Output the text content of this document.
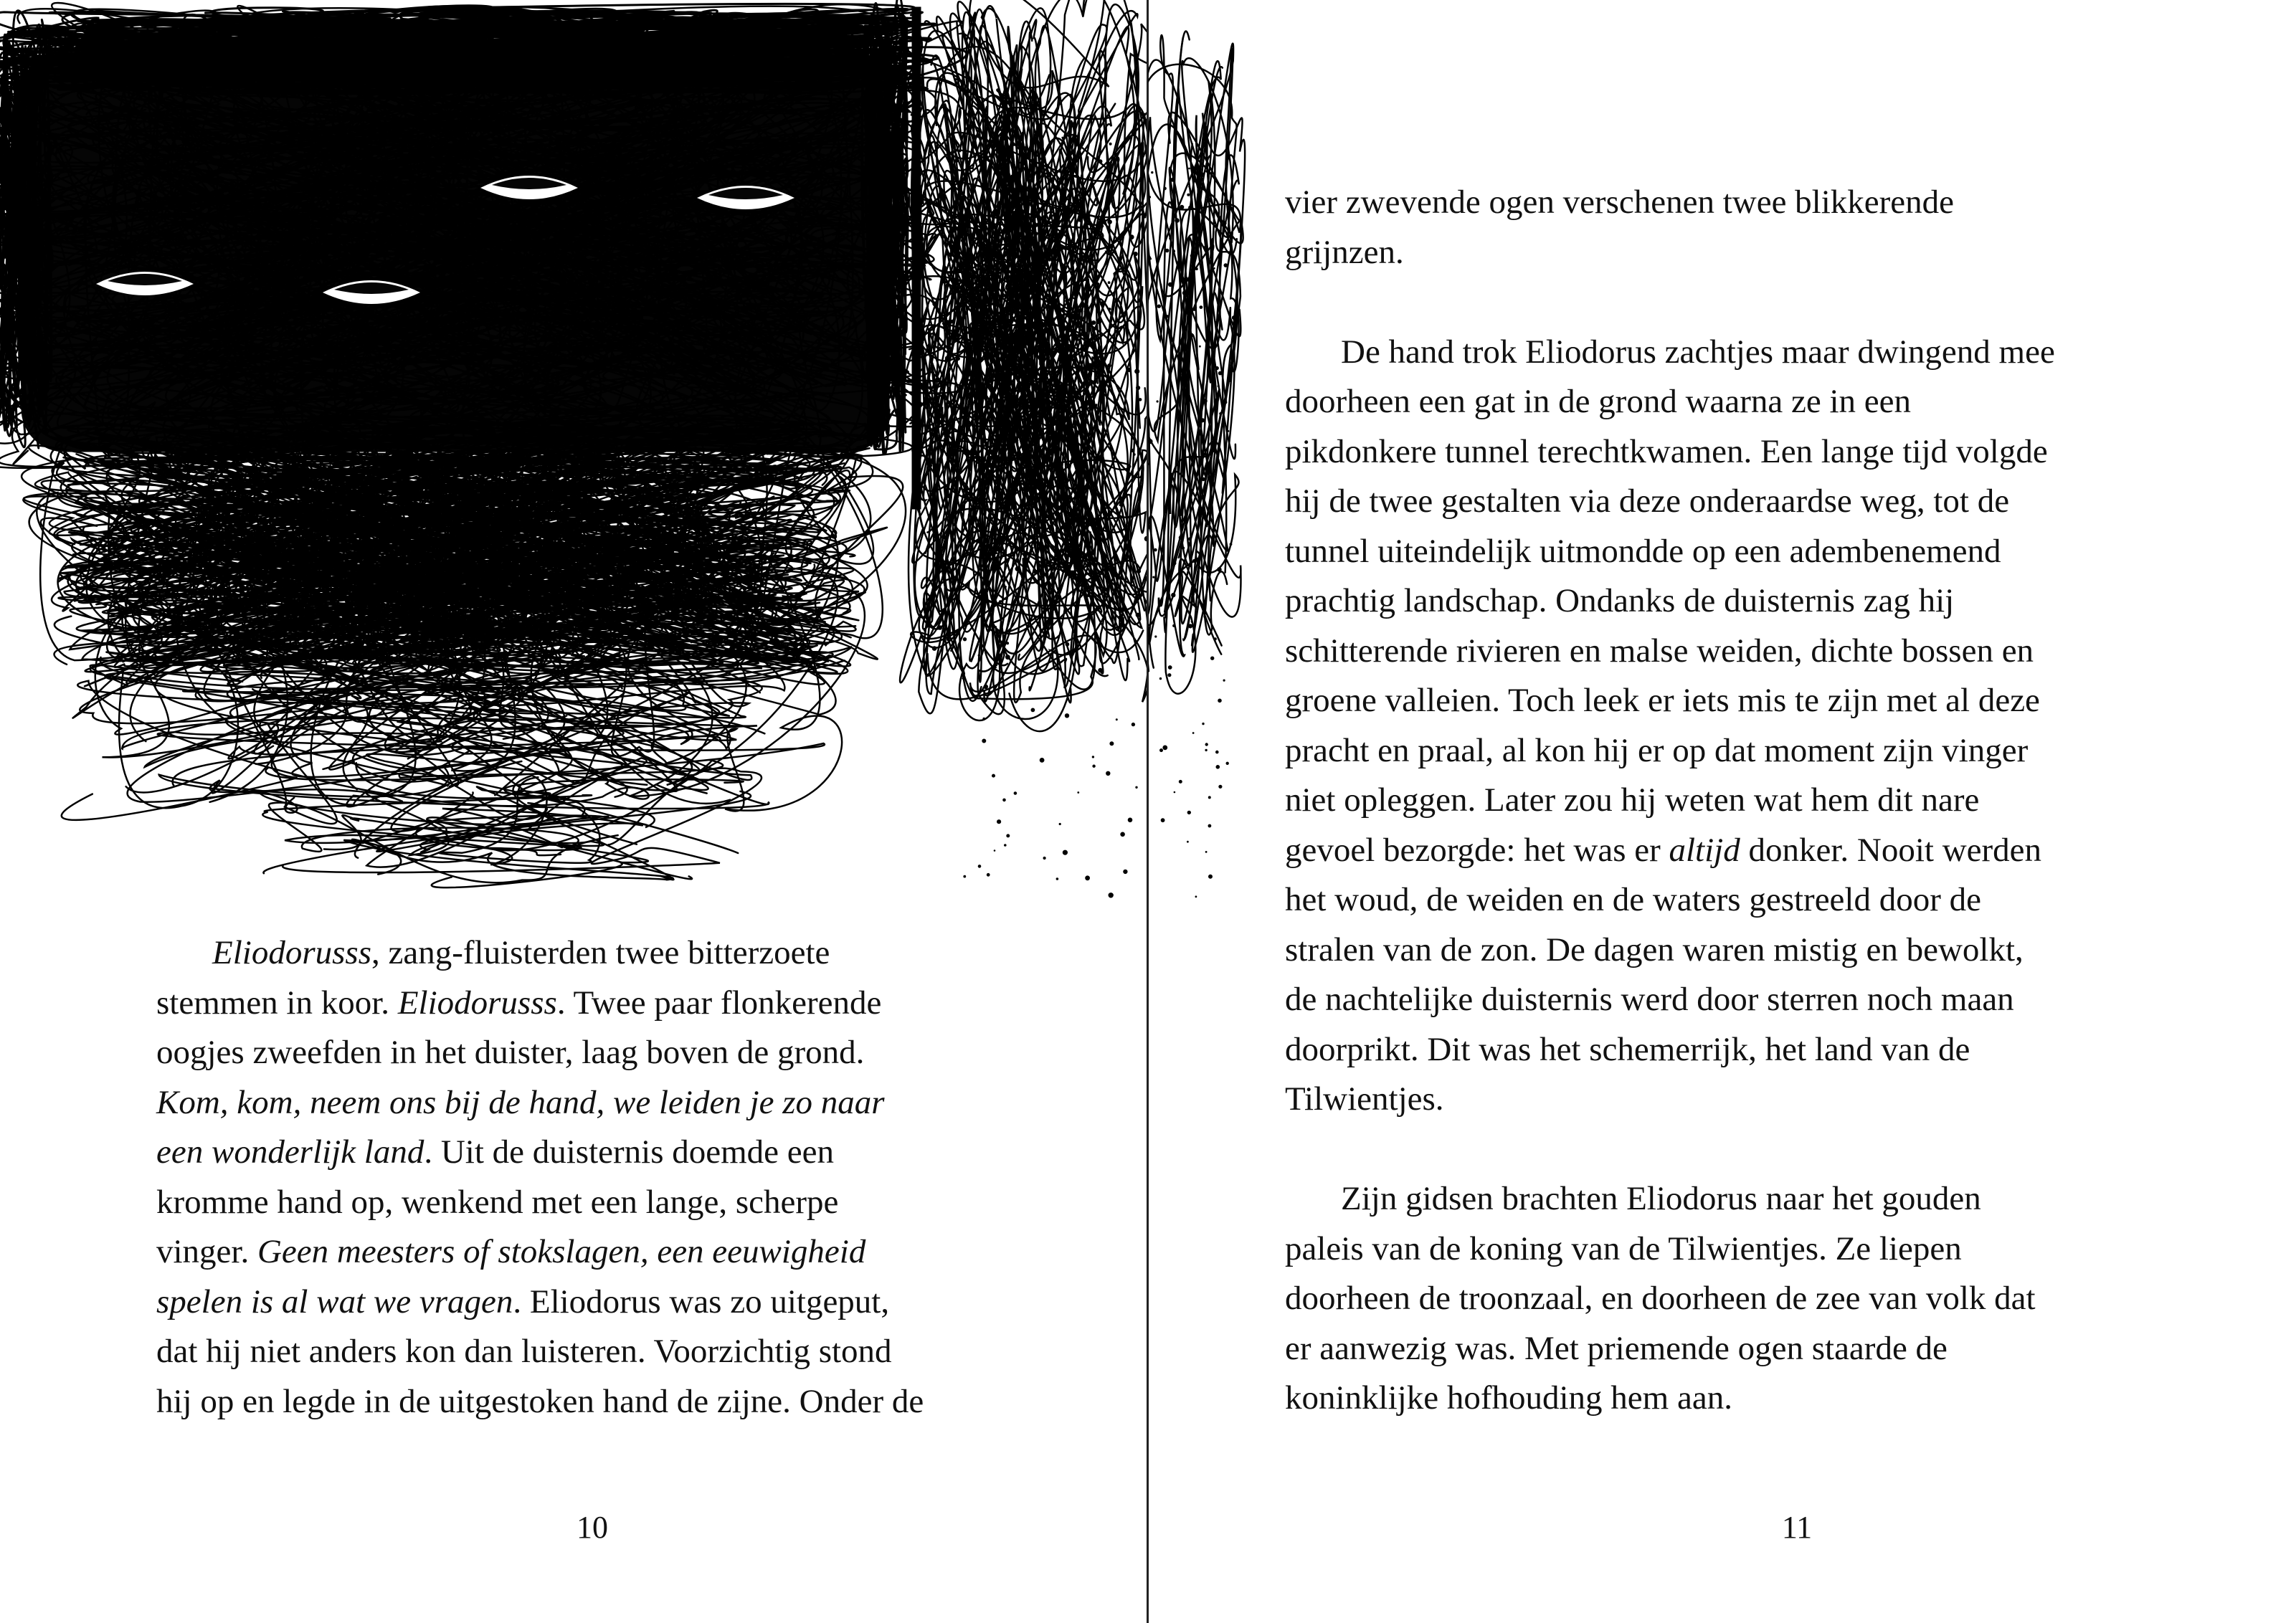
Eliodorusss, zang-fluisterden twee bitterzoete
stemmen in koor. Eliodorusss. Twee paar flonkerende
oogjes zweefden in het duister, laag boven de grond.
Kom, kom, neem ons bij de hand, we leiden je zo naar
een wonderlijk land. Uit de duisternis doemde een
kromme hand op, wenkend met een lange, scherpe
vinger. Geen meesters of stokslagen, een eeuwigheid
spelen is al wat we vragen. Eliodorus was zo uitgeput,
dat hij niet anders kon dan luisteren. Voorzichtig stond
hij op en legde in de uitgestoken hand de zijne. Onder de
10
vier zwevende ogen verschenen twee blikkerende
grijnzen.
De hand trok Eliodorus zachtjes maar dwingend mee
doorheen een gat in de grond waarna ze in een
pikdonkere tunnel terechtkwamen. Een lange tijd volgde
hij de twee gestalten via deze onderaardse weg, tot de
tunnel uiteindelijk uitmondde op een adembenemend
prachtig landschap. Ondanks de duisternis zag hij
schitterende rivieren en malse weiden, dichte bossen en
groene valleien. Toch leek er iets mis te zijn met al deze
pracht en praal, al kon hij er op dat moment zijn vinger
niet opleggen. Later zou hij weten wat hem dit nare
gevoel bezorgde: het was er altijd donker. Nooit werden
het woud, de weiden en de waters gestreeld door de
stralen van de zon. De dagen waren mistig en bewolkt,
de nachtelijke duisternis werd door sterren noch maan
doorprikt. Dit was het schemerrijk, het land van de
Tilwientjes.
Zijn gidsen brachten Eliodorus naar het gouden
paleis van de koning van de Tilwientjes. Ze liepen
doorheen de troonzaal, en doorheen de zee van volk dat
er aanwezig was. Met priemende ogen staarde de
koninklijke hofhouding hem aan.
11
